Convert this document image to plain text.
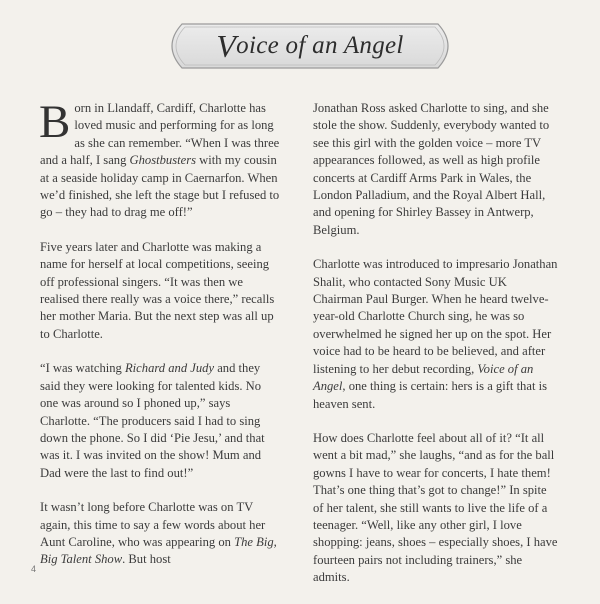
V oice of an Angel

Born in Llandaff, Cardiff, Charlotte has loved music and performing for as long as she can remember. “When I was three and a half, I sang Ghostbusters with my cousin at a seaside holiday camp in Caernarfon. When we’d finished, she left the stage but I refused to go – they had to drag me off!”

Five years later and Charlotte was making a name for herself at local competitions, seeing off professional singers. “It was then we realised there really was a voice there,” recalls her mother Maria. But the next step was all up to Charlotte.

“I was watching Richard and Judy and they said they were looking for talented kids. No one was around so I phoned up,” says Charlotte. “The producers said I had to sing down the phone. So I did ‘Pie Jesu,’ and that was it. I was invited on the show! Mum and Dad were the last to find out!”

It wasn’t long before Charlotte was on TV again, this time to say a few words about her Aunt Caroline, who was appearing on The Big, Big Talent Show. But host

Jonathan Ross asked Charlotte to sing, and she stole the show. Suddenly, everybody wanted to see this girl with the golden voice – more TV appearances followed, as well as high profile concerts at Cardiff Arms Park in Wales, the London Palladium, and the Royal Albert Hall, and opening for Shirley Bassey in Antwerp, Belgium.

Charlotte was introduced to impresario Jonathan Shalit, who contacted Sony Music UK Chairman Paul Burger. When he heard twelve-year-old Charlotte Church sing, he was so overwhelmed he signed her up on the spot. Her voice had to be heard to be believed, and after listening to her debut recording, Voice of an Angel, one thing is certain: hers is a gift that is heaven sent.

How does Charlotte feel about all of it? “It all went a bit mad,” she laughs, “and as for the ball gowns I have to wear for concerts, I hate them! That’s one thing that’s got to change!” In spite of her talent, she still wants to live the life of a teenager. “Well, like any other girl, I love shopping: jeans, shoes – especially shoes, I have fourteen pairs not including trainers,” she admits.

4
